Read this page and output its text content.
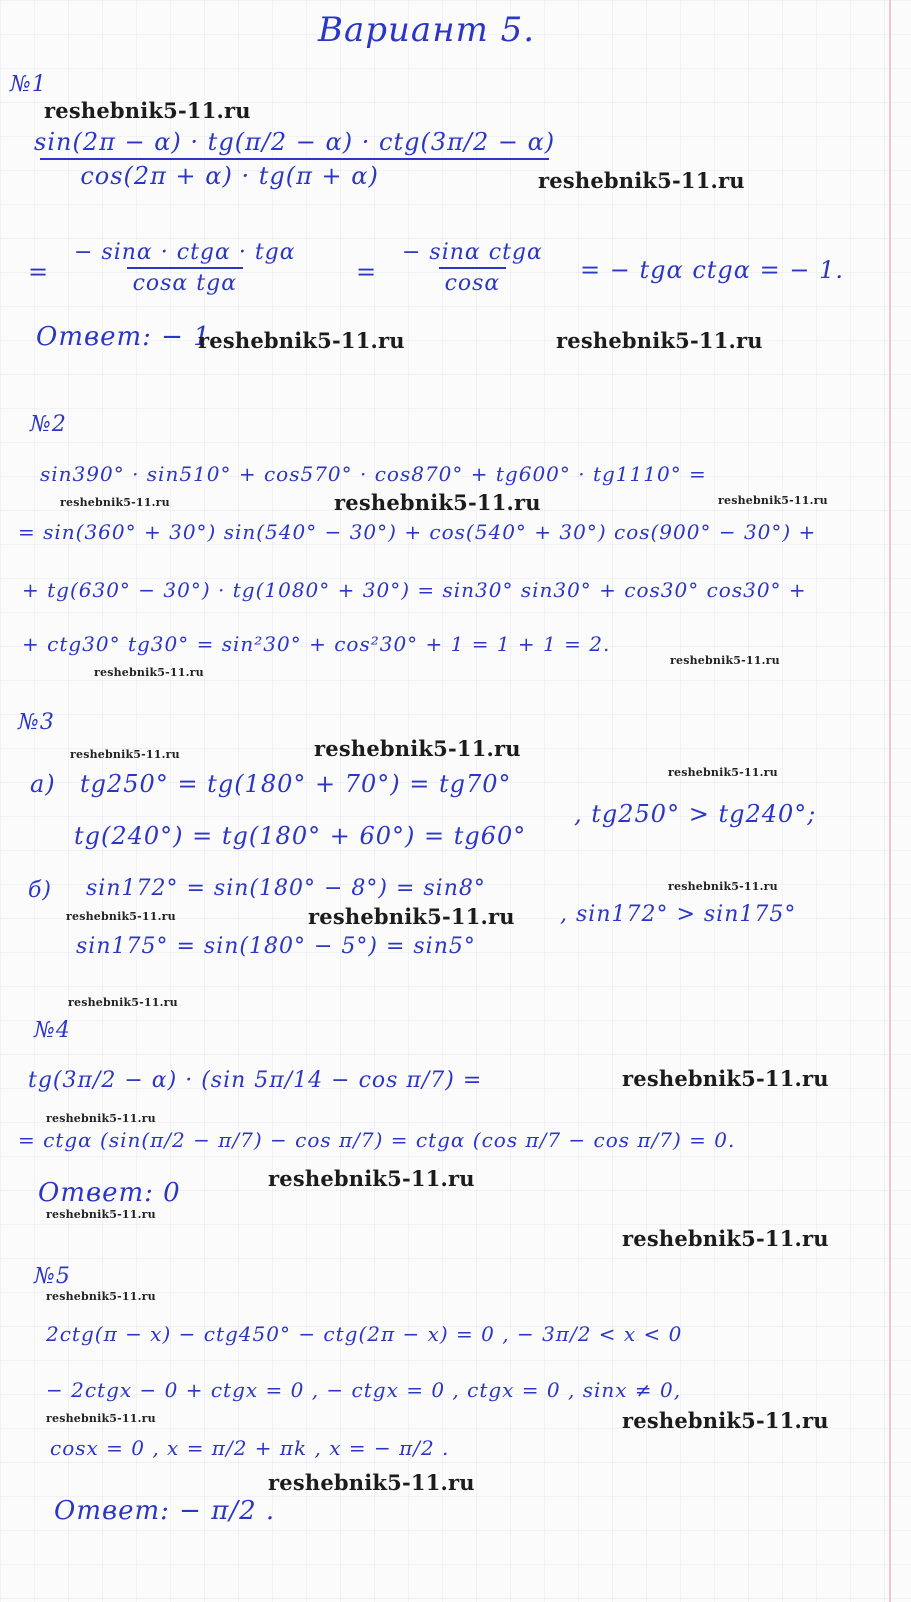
Вариант 5.
№1
sin(2π − α) · tg(π/2 − α) · ctg(3π/2 − α)
cos(2π + α) · tg(π + α)
=
− sinα · ctgα · tgα
cosα tgα	=
− sinα ctgα
cosα	= − tgα ctgα = − 1.
Ответ: − 1
№2
sin390° · sin510° + cos570° · cos870° + tg600° · tg1110° =
= sin(360° + 30°) sin(540° − 30°) + cos(540° + 30°) cos(900° − 30°) +
+ tg(630° − 30°) · tg(1080° + 30°) = sin30° sin30° + cos30° cos30° +
+ ctg30° tg30° = sin²30° + cos²30° + 1 = 1 + 1 = 2.
№3
а) tg250° = tg(180° + 70°) = tg70°
tg(240°) = tg(180° + 60°) = tg60°
, tg250° > tg240°;
б) sin172° = sin(180° − 8°) = sin8°
sin175° = sin(180° − 5°) = sin5°
, sin172° > sin175°
№4
tg(3π/2 − α) · (sin 5π/14 − cos π/7) =
= ctgα (sin(π/2 − π/7) − cos π/7) = ctgα (cos π/7 − cos π/7) = 0.
Ответ: 0
№5
2ctg(π − x) − ctg450° − ctg(2π − x) = 0 , − 3π/2 < x < 0
− 2ctgx − 0 + ctgx = 0 , − ctgx = 0 , ctgx = 0 , sinx ≠ 0,
cosx = 0 , x = π/2 + πk , x = − π/2 .
Ответ: − π/2 .
reshebnik5-11.ru
reshebnik5-11.ru
reshebnik5-11.ru	reshebnik5-11.ru
reshebnik5-11.ru	reshebnik5-11.ru	reshebnik5-11.ru
reshebnik5-11.ru
reshebnik5-11.ru
reshebnik5-11.ru	reshebnik5-11.ru
reshebnik5-11.ru
reshebnik5-11.ru
reshebnik5-11.ru	reshebnik5-11.ru
reshebnik5-11.ru
reshebnik5-11.ru
reshebnik5-11.ru
reshebnik5-11.ru
reshebnik5-11.ru
reshebnik5-11.ru
reshebnik5-11.ru
reshebnik5-11.ru	reshebnik5-11.ru
reshebnik5-11.ru
